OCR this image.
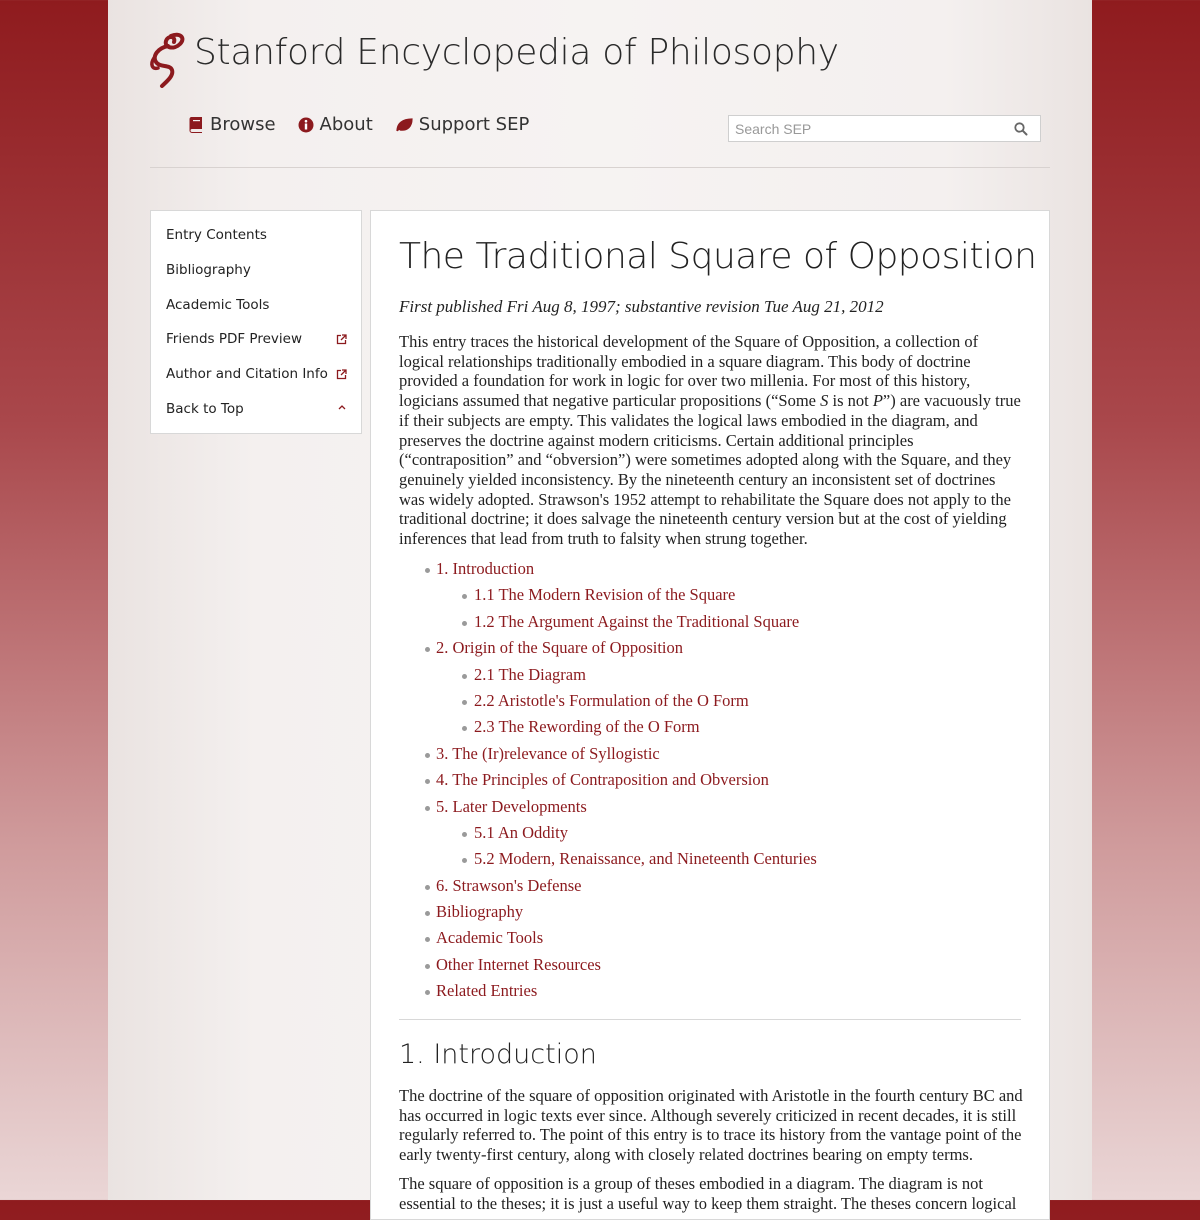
Stanford Encyclopedia of Philosophy
Browse About	Support SEP
Search SEP
Entry Contents
Bibliography
Academic Tools
Friends PDF Preview
Author and Citation Info
Back to Top
The Traditional Square of Opposition
First published Fri Aug 8, 1997; substantive revision Tue Aug 21, 2012

This entry traces the historical development of the Square of Opposition, a collection of logical relationships traditionally embodied in a square diagram. This body of doctrine provided a foundation for work in logic for over two millenia. For most of this history, logicians assumed that negative particular propositions (“Some S is not P”) are vacuously true if their subjects are empty. This validates the logical laws embodied in the diagram, and preserves the doctrine against modern criticisms. Certain additional principles (“contraposition” and “obversion”) were sometimes adopted along with the Square, and they genuinely yielded inconsistency. By the nineteenth century an inconsistent set of doctrines was widely adopted. Strawson's 1952 attempt to rehabilitate the Square does not apply to the traditional doctrine; it does salvage the nineteenth century version but at the cost of yielding inferences that lead from truth to falsity when strung together.

1. Introduction
1.1 The Modern Revision of the Square
1.2 The Argument Against the Traditional Square
2. Origin of the Square of Opposition
2.1 The Diagram
2.2 Aristotle's Formulation of the O Form
2.3 The Rewording of the O Form
3. The (Ir)relevance of Syllogistic
4. The Principles of Contraposition and Obversion
5. Later Developments
5.1 An Oddity
5.2 Modern, Renaissance, and Nineteenth Centuries
6. Strawson's Defense
Bibliography
Academic Tools
Other Internet Resources
Related Entries
1. Introduction

The doctrine of the square of opposition originated with Aristotle in the fourth century BC and has occurred in logic texts ever since. Although severely criticized in recent decades, it is still regularly referred to. The point of this entry is to trace its history from the vantage point of the early twenty-first century, along with closely related doctrines bearing on empty terms.

The square of opposition is a group of theses embodied in a diagram. The diagram is not essential to the theses; it is just a useful way to keep them straight. The theses concern logical
